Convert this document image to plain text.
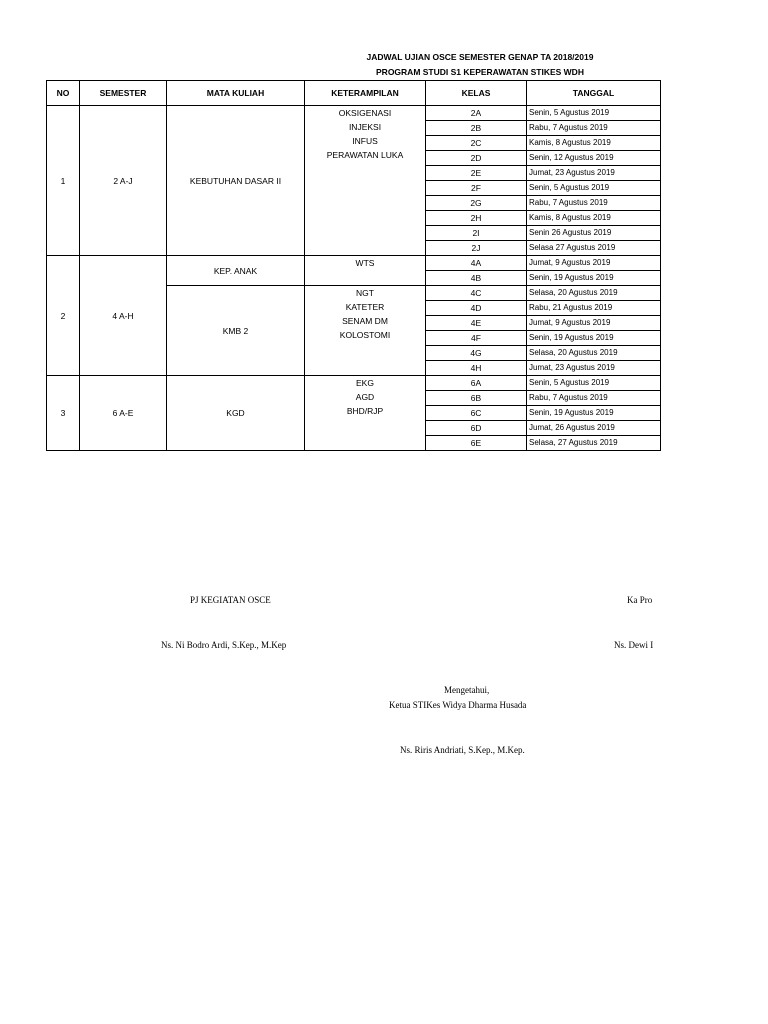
JADWAL UJIAN OSCE SEMESTER GENAP TA 2018/2019
PROGRAM STUDI S1 KEPERAWATAN STIKES WDH
NO	SEMESTER	MATA KULIAH	KETERAMPILAN	KELAS	TANGGAL
1	2 A-J	KEBUTUHAN DASAR II	OKSIGENASI
INJEKSI
INFUS
PERAWATAN LUKA	2A	Senin, 5 Agustus 2019
				2B	Rabu, 7 Agustus 2019
				2C	Kamis, 8 Agustus 2019
				2D	Senin, 12 Agustus 2019
				2E	Jumat, 23 Agustus 2019
				2F	Senin, 5 Agustus 2019
				2G	Rabu, 7 Agustus 2019
				2H	Kamis, 8 Agustus 2019
				2I	Senin 26 Agustus 2019
				2J	Selasa 27 Agustus 2019
2	4 A-H	KEP. ANAK	WTS	4A	Jumat, 9 Agustus 2019
				4B	Senin, 19 Agustus 2019
		KMB 2	NGT
KATETER
SENAM DM
KOLOSTOMI	4C	Selasa, 20 Agustus 2019
				4D	Rabu, 21 Agustus 2019
				4E	Jumat, 9 Agustus 2019
				4F	Senin, 19 Agustus 2019
				4G	Selasa, 20 Agustus 2019
				4H	Jumat, 23 Agustus 2019
3	6 A-E	KGD	EKG
AGD
BHD/RJP	6A	Senin, 5 Agustus 2019
				6B	Rabu, 7 Agustus 2019
				6C	Senin, 19 Agustus 2019
				6D	Jumat, 26 Agustus 2019
				6E	Selasa, 27 Agustus 2019
PJ KEGIATAN OSCE	Ka Pro
Ns. Ni Bodro Ardi, S.Kep., M.Kep	Ns. Dewi I
Mengetahui,
Ketua STIKes Widya Dharma Husada
Ns. Riris Andriati, S.Kep., M.Kep.
